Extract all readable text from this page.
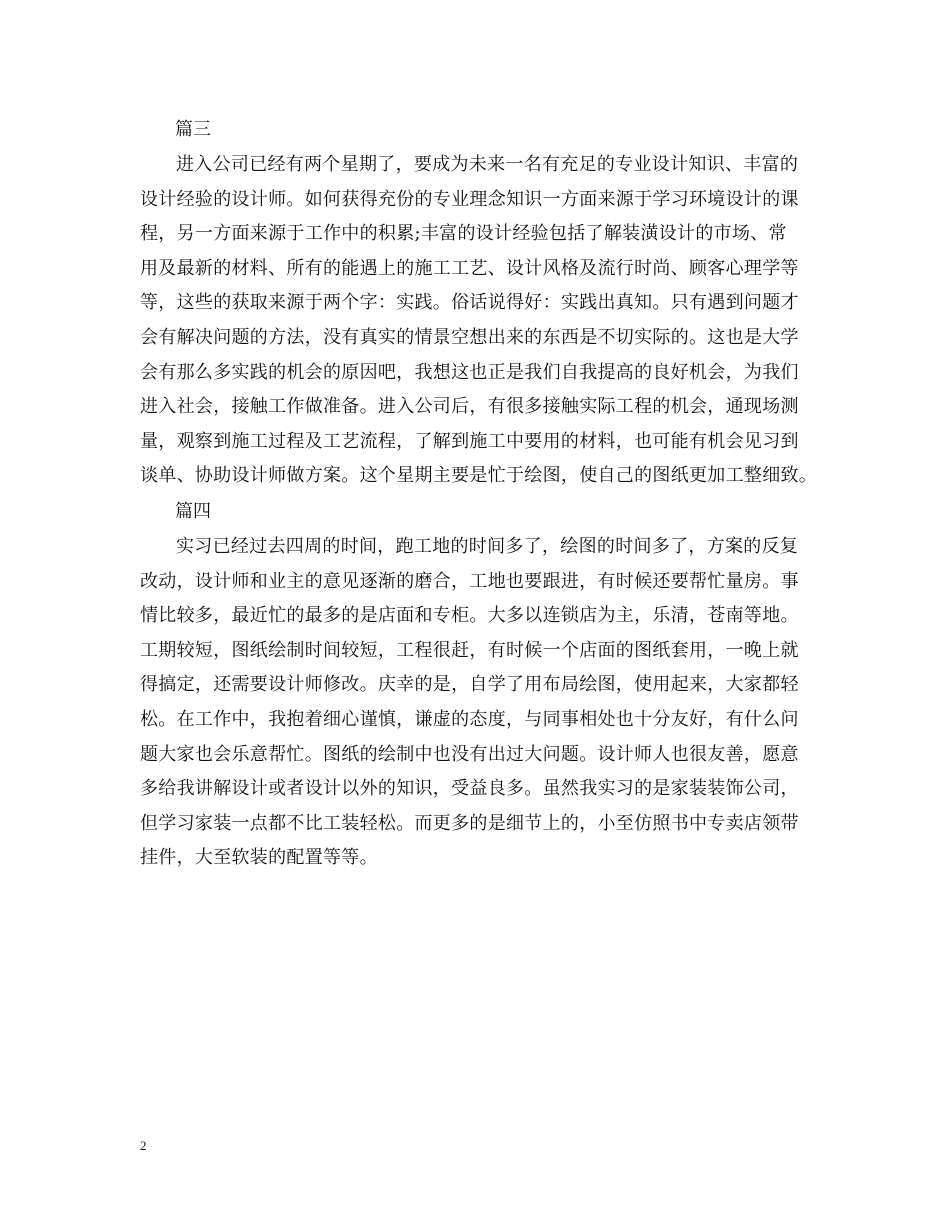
篇三
进入公司已经有两个星期了，要成为未来一名有充足的专业设计知识、丰富的
设计经验的设计师。如何获得充份的专业理念知识一方面来源于学习环境设计的课
程，另一方面来源于工作中的积累;丰富的设计经验包括了解装潢设计的市场、常
用及最新的材料、所有的能遇上的施工工艺、设计风格及流行时尚、顾客心理学等
等，这些的获取来源于两个字：实践。俗话说得好：实践出真知。只有遇到问题才
会有解决问题的方法，没有真实的情景空想出来的东西是不切实际的。这也是大学
会有那么多实践的机会的原因吧，我想这也正是我们自我提高的良好机会，为我们
进入社会，接触工作做准备。进入公司后，有很多接触实际工程的机会，通现场测
量，观察到施工过程及工艺流程，了解到施工中要用的材料，也可能有机会见习到
谈单、协助设计师做方案。这个星期主要是忙于绘图，使自己的图纸更加工整细致。
篇四
实习已经过去四周的时间，跑工地的时间多了，绘图的时间多了，方案的反复
改动，设计师和业主的意见逐渐的磨合，工地也要跟进，有时候还要帮忙量房。事
情比较多，最近忙的最多的是店面和专柜。大多以连锁店为主，乐清，苍南等地。
工期较短，图纸绘制时间较短，工程很赶，有时候一个店面的图纸套用，一晚上就
得搞定，还需要设计师修改。庆幸的是，自学了用布局绘图，使用起来，大家都轻
松。在工作中，我抱着细心谨慎，谦虚的态度，与同事相处也十分友好，有什么问
题大家也会乐意帮忙。图纸的绘制中也没有出过大问题。设计师人也很友善，愿意
多给我讲解设计或者设计以外的知识，受益良多。虽然我实习的是家装装饰公司，
但学习家装一点都不比工装轻松。而更多的是细节上的，小至仿照书中专卖店领带
挂件，大至软装的配置等等。
2
